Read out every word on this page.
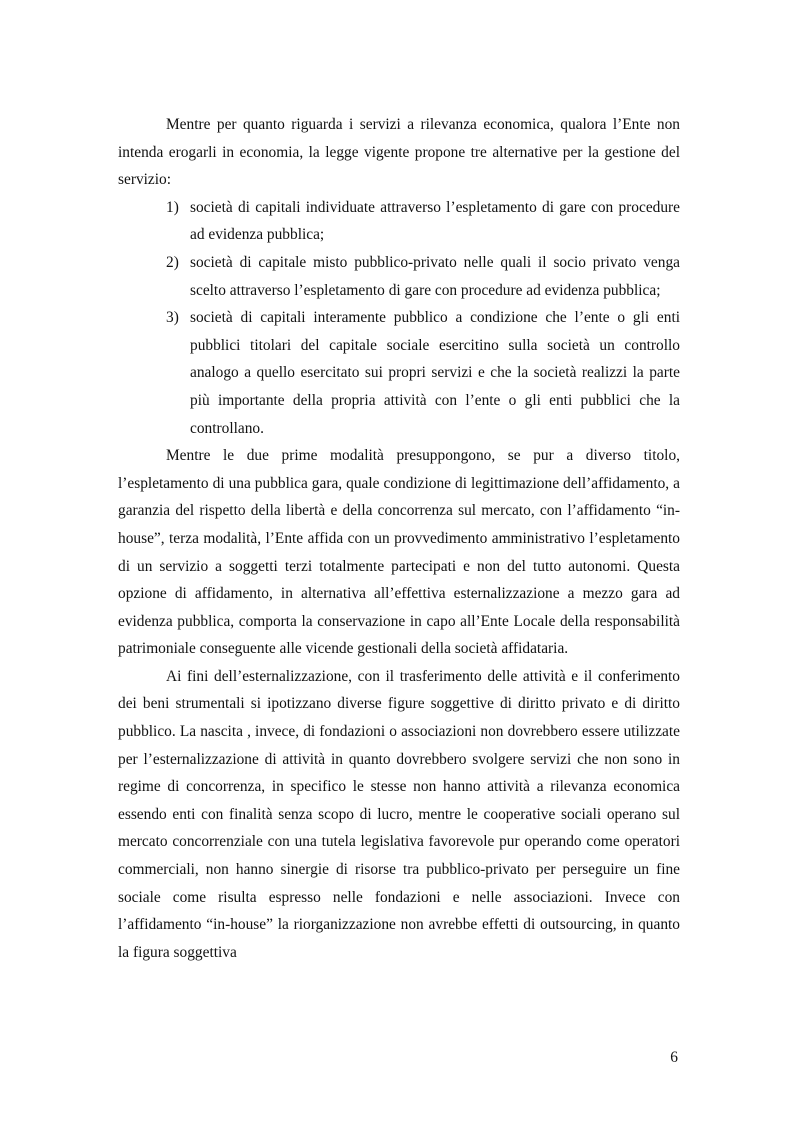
Mentre per quanto riguarda i servizi a rilevanza economica, qualora l’Ente non intenda erogarli in economia, la legge vigente propone tre alternative per la gestione del servizio:

1) società di capitali individuate attraverso l’espletamento di gare con procedure ad evidenza pubblica;
2) società di capitale misto pubblico-privato nelle quali il socio privato venga scelto attraverso l’espletamento di gare con procedure ad evidenza pubblica;
3) società di capitali interamente pubblico a condizione che l’ente o gli enti pubblici titolari del capitale sociale esercitino sulla società un controllo analogo a quello esercitato sui propri servizi e che la società realizzi la parte più importante della propria attività con l’ente o gli enti pubblici che la controllano.

Mentre le due prime modalità presuppongono, se pur a diverso titolo, l’espletamento di una pubblica gara, quale condizione di legittimazione dell’affidamento, a garanzia del rispetto della libertà e della concorrenza sul mercato, con l’affidamento “in-house”, terza modalità, l’Ente affida con un provvedimento amministrativo l’espletamento di un servizio a soggetti terzi totalmente partecipati e non del tutto autonomi. Questa opzione di affidamento, in alternativa all’effettiva esternalizzazione a mezzo gara ad evidenza pubblica, comporta la conservazione in capo all’Ente Locale della responsabilità patrimoniale conseguente alle vicende gestionali della società affidataria.

Ai fini dell’esternalizzazione, con il trasferimento delle attività e il conferimento dei beni strumentali si ipotizzano diverse figure soggettive di diritto privato e di diritto pubblico. La nascita , invece, di fondazioni o associazioni non dovrebbero essere utilizzate per l’esternalizzazione di attività in quanto dovrebbero svolgere servizi che non sono in regime di concorrenza, in specifico le stesse non hanno attività a rilevanza economica essendo enti con finalità senza scopo di lucro, mentre le cooperative sociali operano sul mercato concorrenziale con una tutela legislativa favorevole pur operando come operatori commerciali, non hanno sinergie di risorse tra pubblico-privato per perseguire un fine sociale come risulta espresso nelle fondazioni e nelle associazioni. Invece con l’affidamento “in-house” la riorganizzazione non avrebbe effetti di outsourcing, in quanto la figura soggettiva

6
